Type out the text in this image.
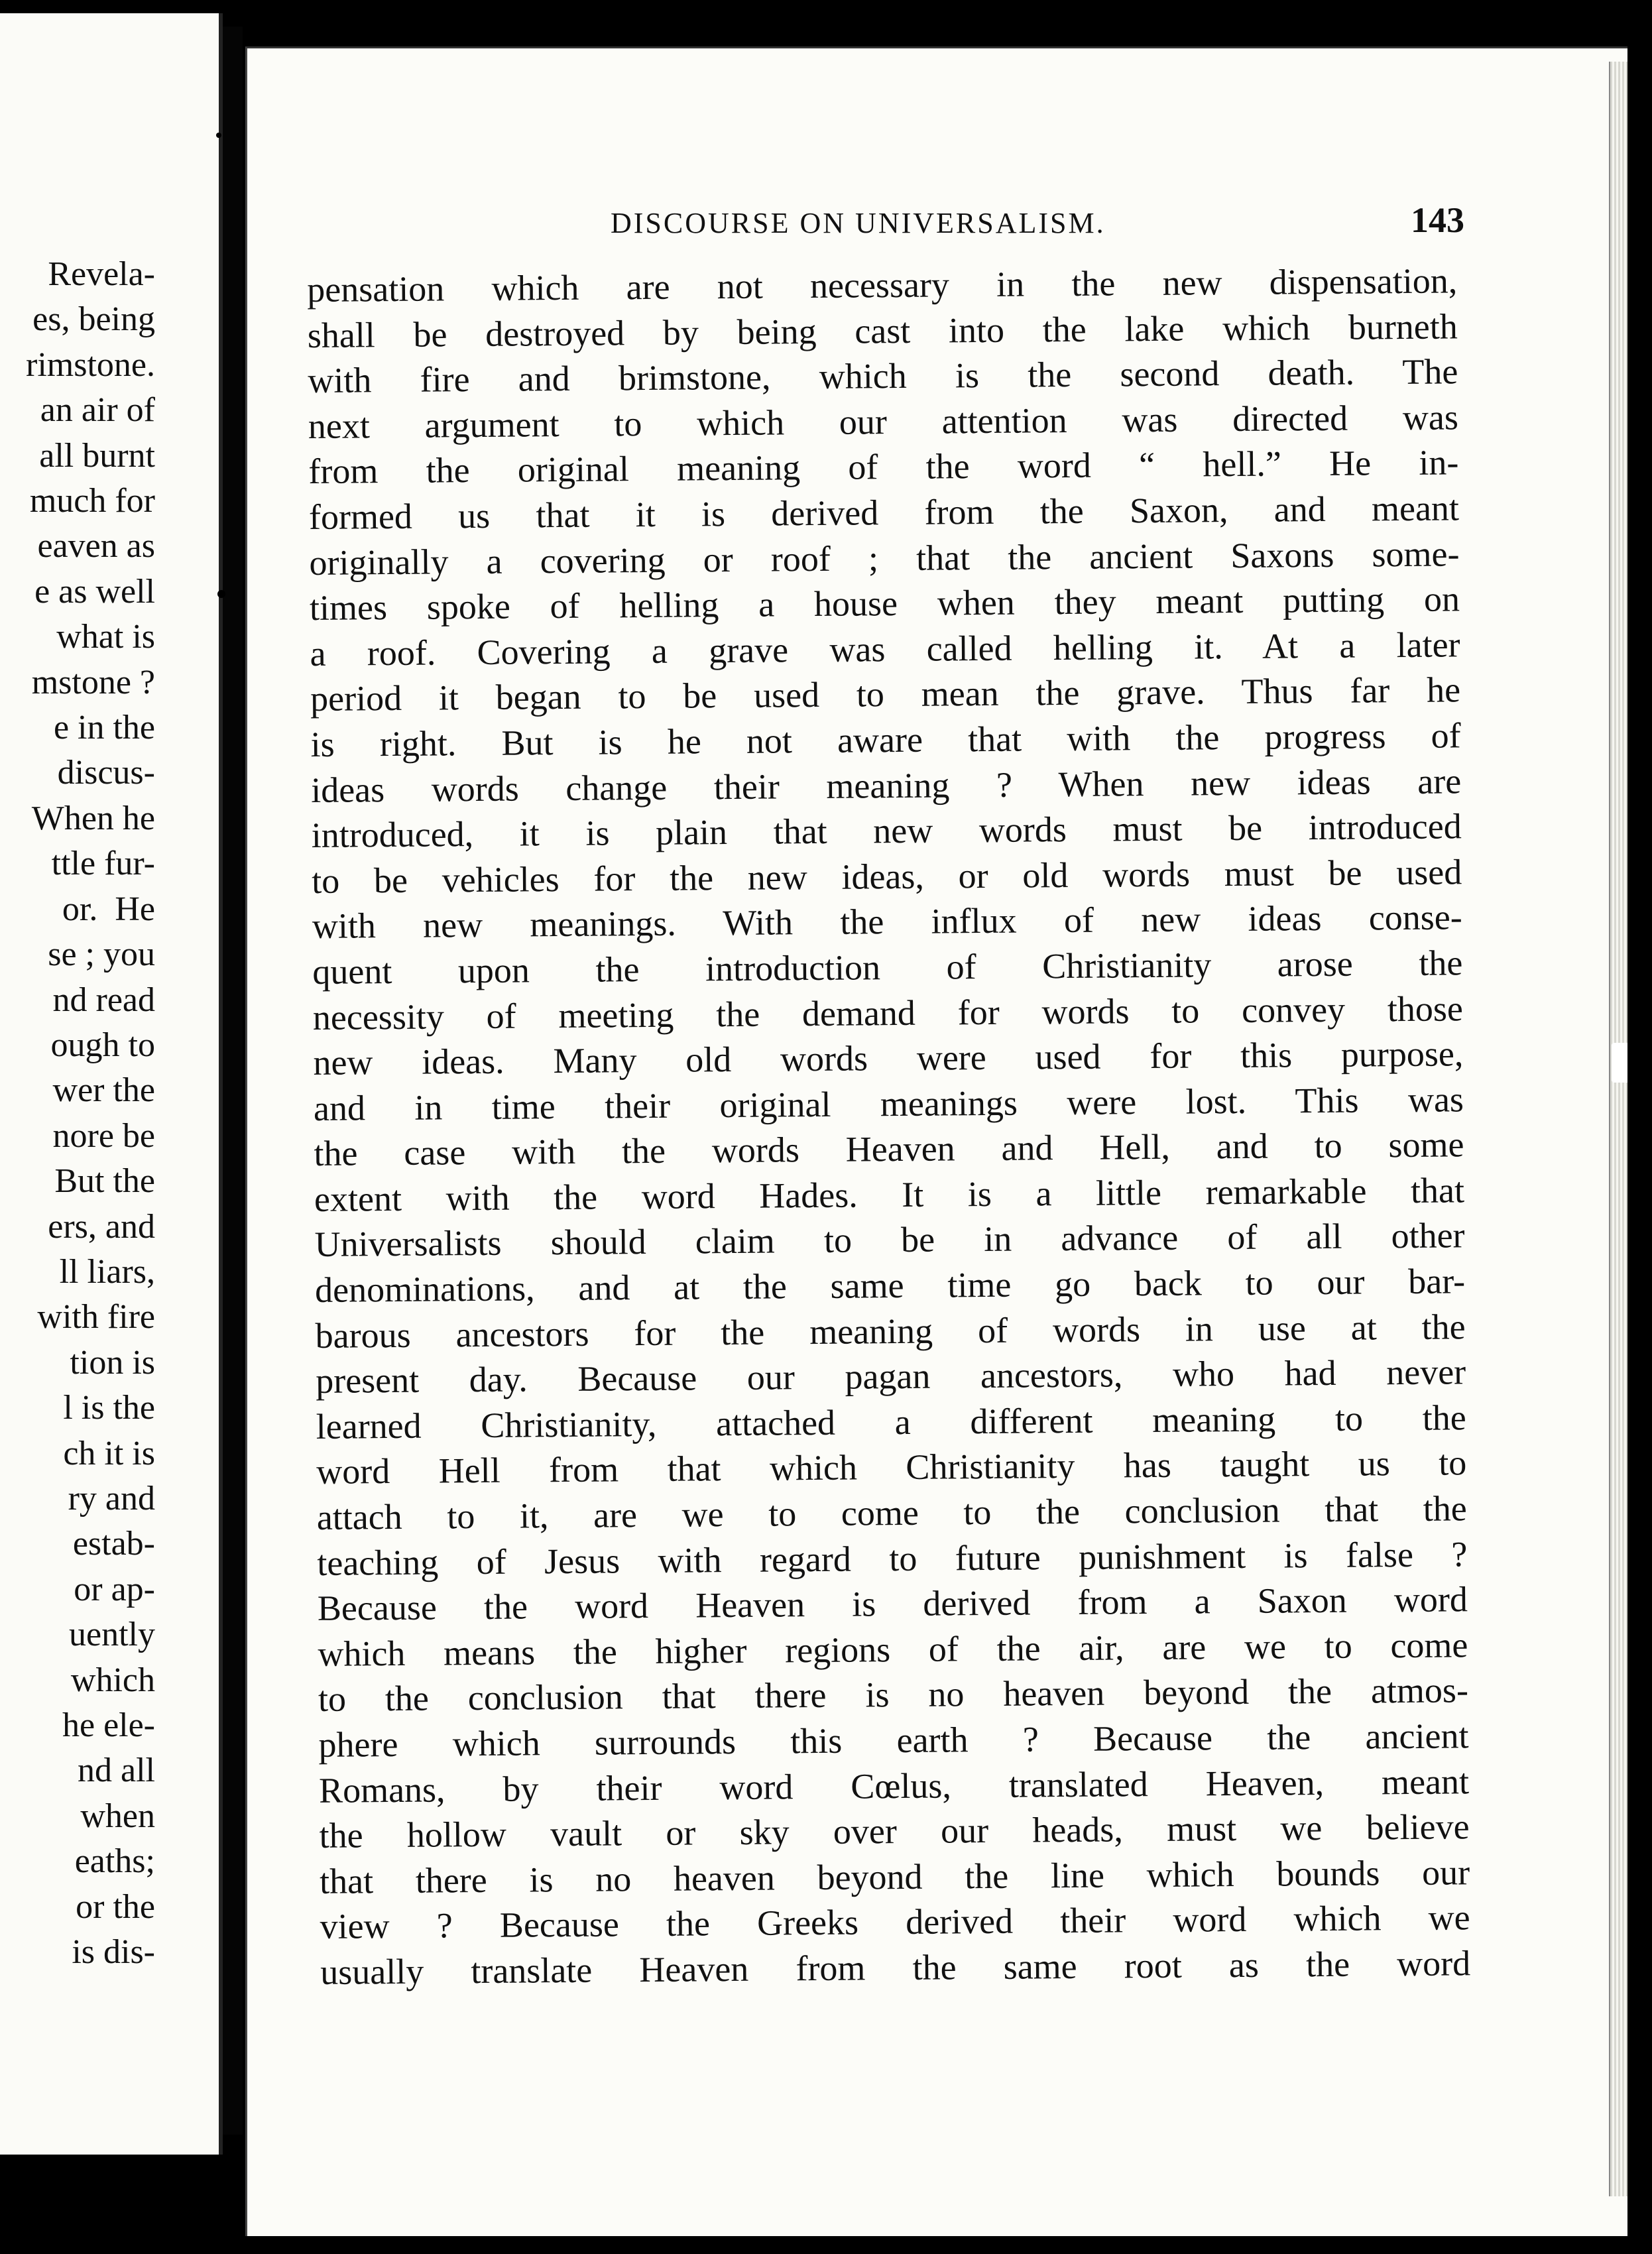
Revela-
es, being
rimstone.
an air of
all burnt
much for
eaven as
e as well
what is
mstone ?
e in the
discus-
When he
ttle fur-
or.  He
se ; you
nd read
ough to
wer the
nore be
But the
ers, and
ll liars,
with fire
tion is
l is the
ch it is
ry and
estab-
or ap-
uently
which
he ele-
nd all
when
eaths;
or the
is dis-
DISCOURSE ON UNIVERSALISM.	143
pensation which are not necessary in the new dispensation,
shall be destroyed by being cast into the lake which burneth
with fire and brimstone, which is the second death. The
next argument to which our attention was directed was
from the original meaning of the word “ hell.” He in-
formed us that it is derived from the Saxon, and meant
originally a covering or roof ; that the ancient Saxons some-
times spoke of helling a house when they meant putting on
a roof. Covering a grave was called helling it. At a later
period it began to be used to mean the grave. Thus far he
is right. But is he not aware that with the progress of
ideas words change their meaning ? When new ideas are
introduced, it is plain that new words must be introduced
to be vehicles for the new ideas, or old words must be used
with new meanings. With the influx of new ideas conse-
quent upon the introduction of Christianity arose the
necessity of meeting the demand for words to convey those
new ideas. Many old words were used for this purpose,
and in time their original meanings were lost. This was
the case with the words Heaven and Hell, and to some
extent with the word Hades. It is a little remarkable that
Universalists should claim to be in advance of all other
denominations, and at the same time go back to our bar-
barous ancestors for the meaning of words in use at the
present day. Because our pagan ancestors, who had never
learned Christianity, attached a different meaning to the
word Hell from that which Christianity has taught us to
attach to it, are we to come to the conclusion that the
teaching of Jesus with regard to future punishment is false ?
Because the word Heaven is derived from a Saxon word
which means the higher regions of the air, are we to come
to the conclusion that there is no heaven beyond the atmos-
phere which surrounds this earth ? Because the ancient
Romans, by their word Cœlus, translated Heaven, meant
the hollow vault or sky over our heads, must we believe
that there is no heaven beyond the line which bounds our
view ? Because the Greeks derived their word which we
usually translate Heaven from the same root as the word
